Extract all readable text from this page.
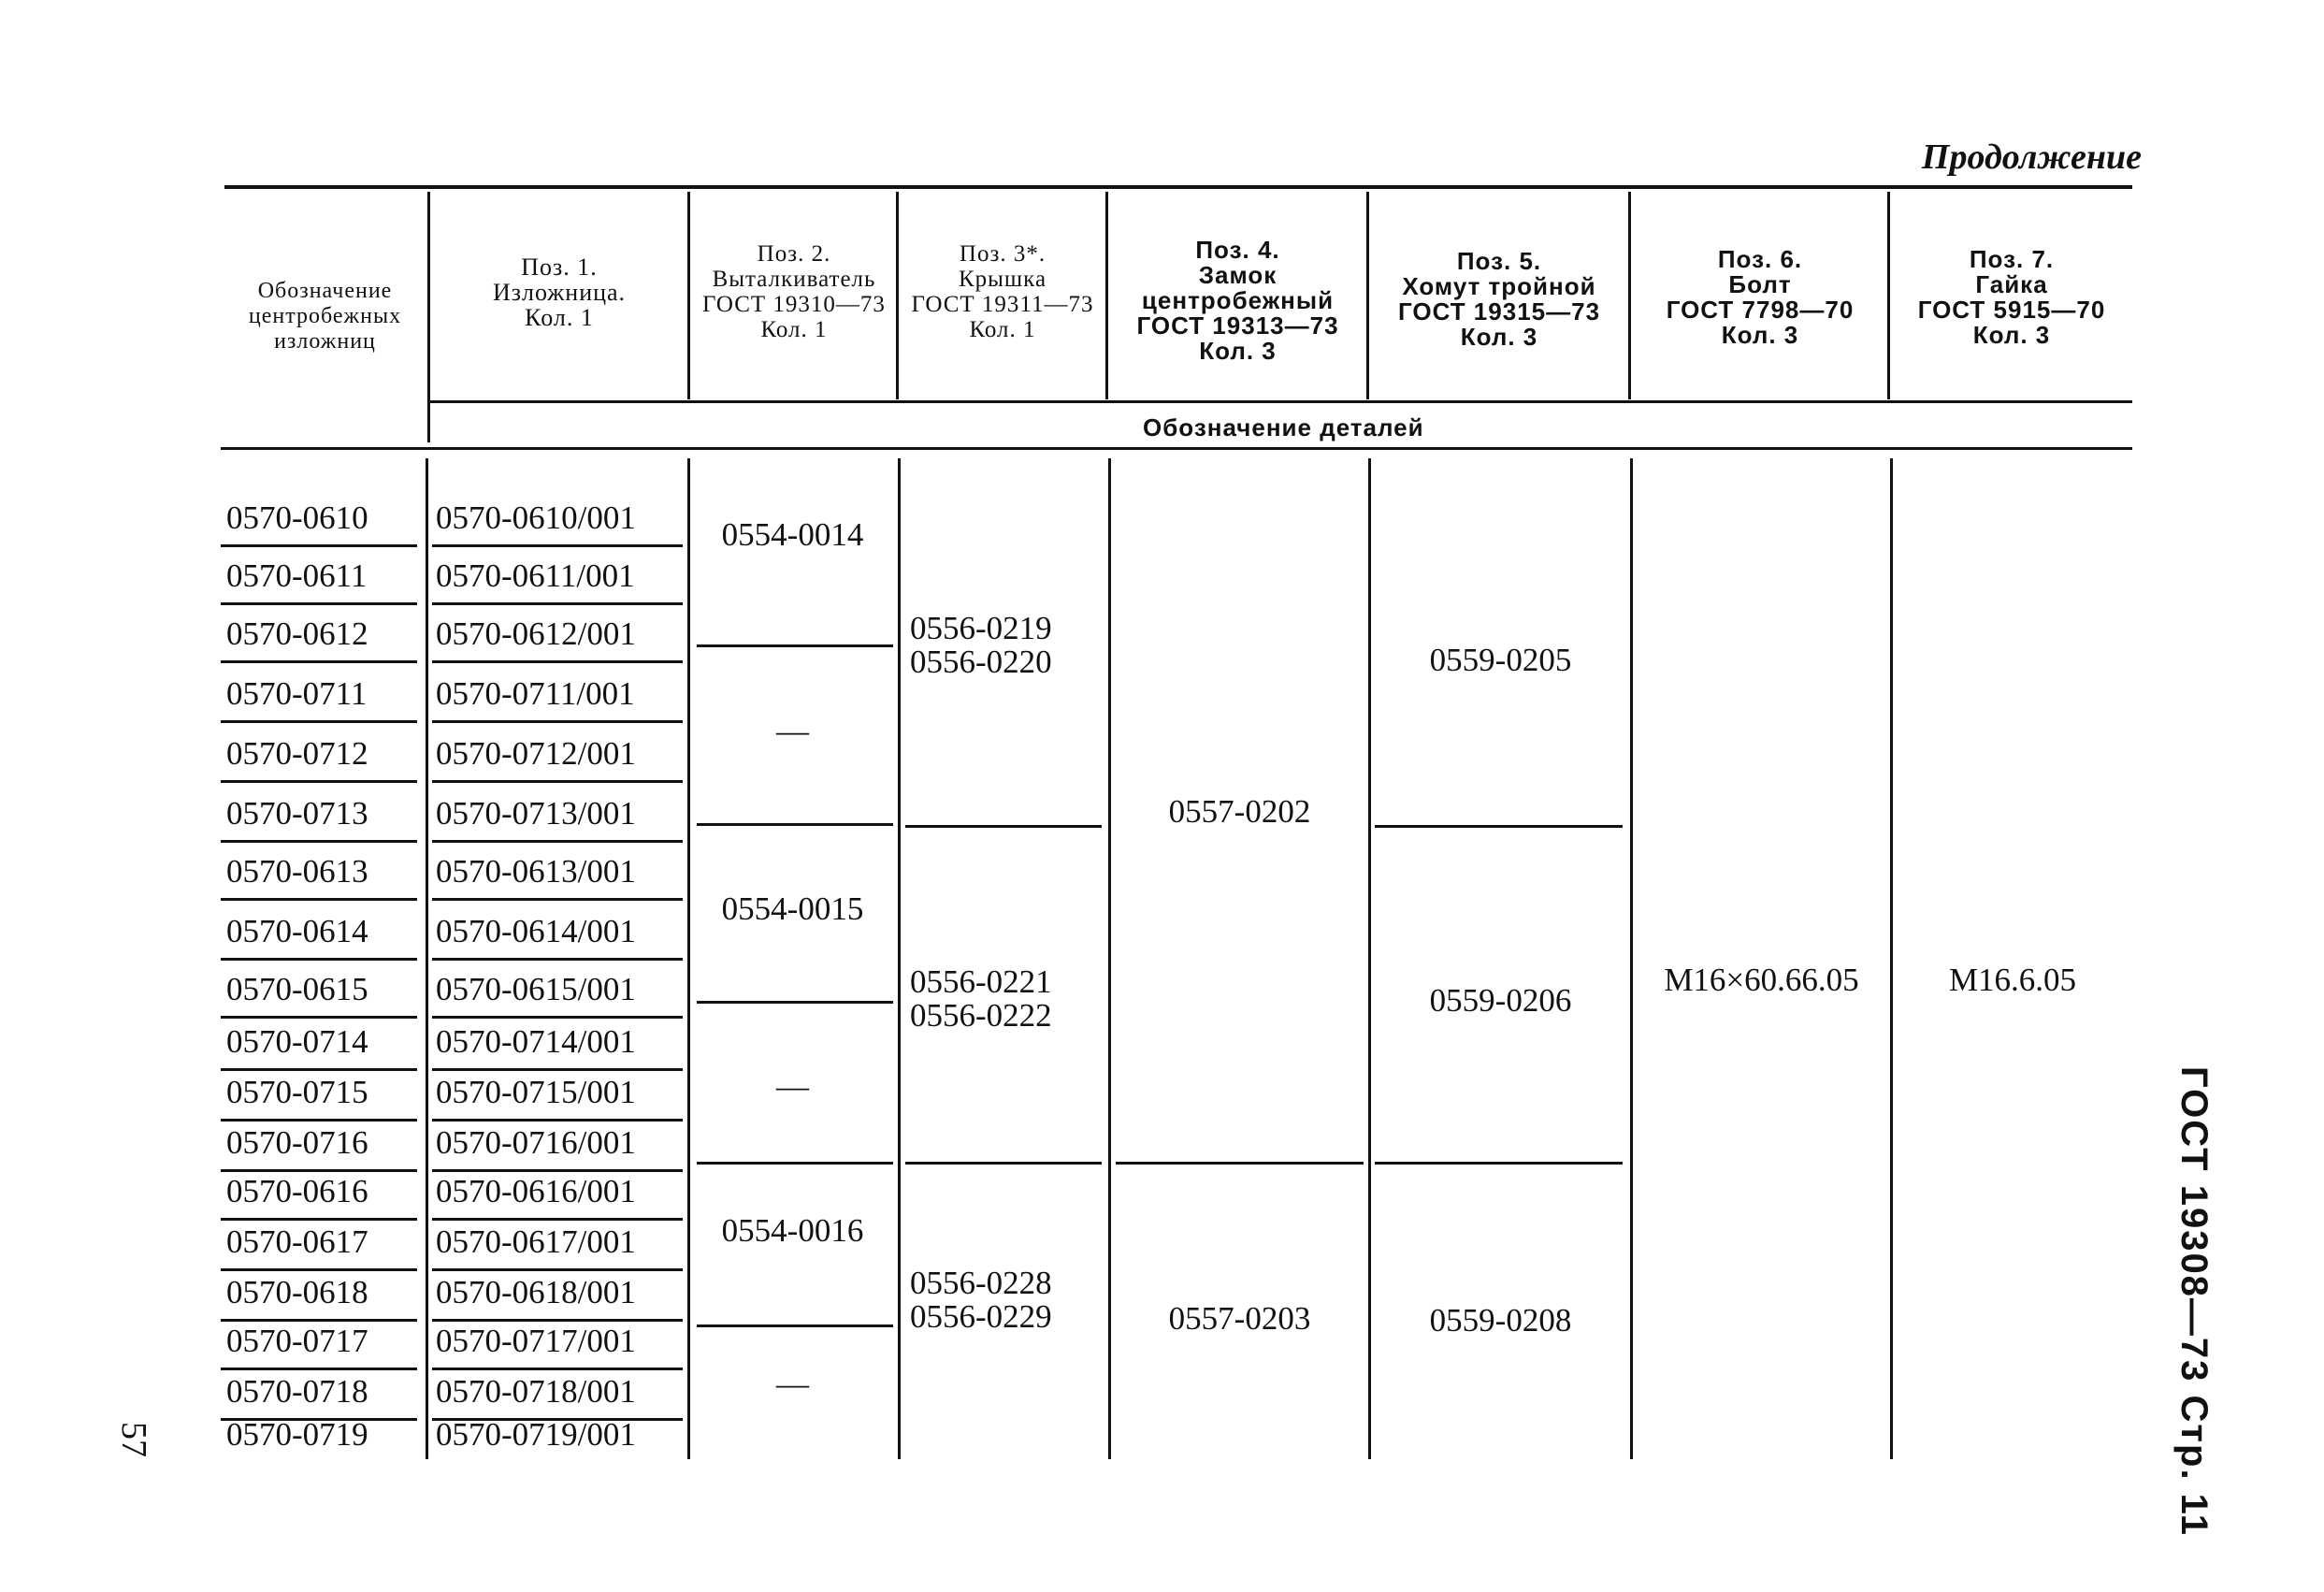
Продолжение
57	ГОСТ 19308—73 Стр. 11
Обозначение
центробежных
изложниц
Поз. 1.
Изложница.
Кол. 1
Поз. 2.
Выталкиватель
ГОСТ 19310—73
Кол. 1
Поз. 3*.
Крышка
ГОСТ 19311—73
Кол. 1
Поз. 4.
Замок
центробежный
ГОСТ 19313—73
Кол. 3
Поз. 5.
Хомут тройной
ГОСТ 19315—73
Кол. 3
Поз. 6.
Болт
ГОСТ 7798—70
Кол. 3
Поз. 7.
Гайка
ГОСТ 5915—70
Кол. 3
Обозначение деталей
0570-0610 0570-0610/001
0570-0611 0570-0611/001
0570-0612 0570-0612/001
0570-0711 0570-0711/001
0570-0712 0570-0712/001
0570-0713 0570-0713/001
0570-0613 0570-0613/001
0570-0614 0570-0614/001
0570-0615 0570-0615/001
0570-0714 0570-0714/001
0570-0715 0570-0715/001
0570-0716 0570-0716/001
0570-0616 0570-0616/001
0570-0617 0570-0617/001
0570-0618 0570-0618/001
0570-0717 0570-0717/001
0570-0718 0570-0718/001
0570-0719 0570-0719/001
0554-0014
—
0554-0015
—
0554-0016
—
0556-0219
0556-0220
0556-0221
0556-0222
0556-0228
0556-0229
0557-0202
0557-0203
0559-0205
0559-0206
0559-0208
М16×60.66.05	М16.6.05
